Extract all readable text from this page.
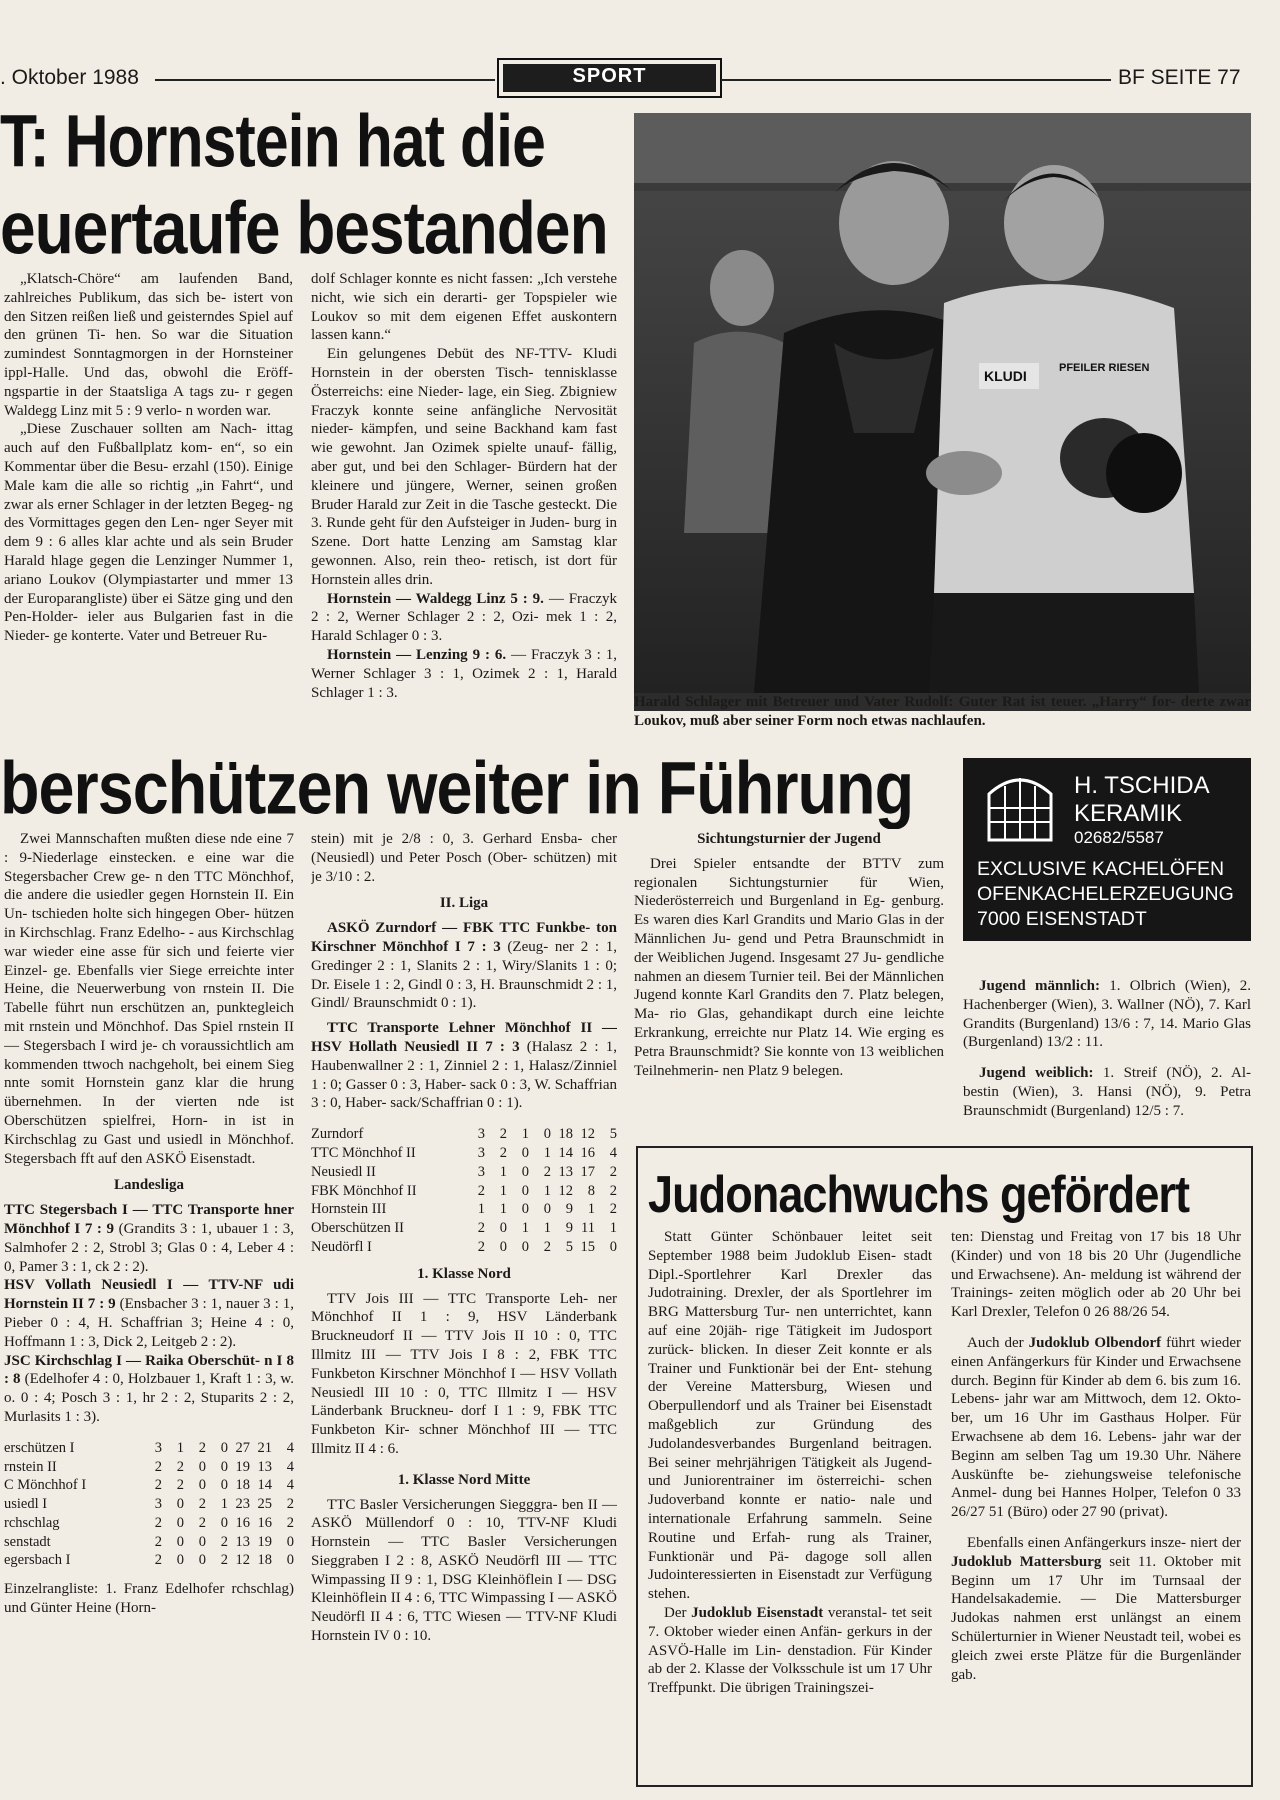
. Oktober 1988	SPORT	BF SEITE 77
T: Hornstein hat die
euertaufe bestanden

„Klatsch-Chöre“ am laufenden Band, zahlreiches Publikum, das sich be- istert von den Sitzen reißen ließ und geisterndes Spiel auf den grünen Ti- hen. So war die Situation zumindest Sonntagmorgen in der Hornsteiner ippl-Halle. Und das, obwohl die Eröff- ngspartie in der Staatsliga A tags zu- r gegen Waldegg Linz mit 5 : 9 verlo- n worden war.

„Diese Zuschauer sollten am Nach- ittag auch auf den Fußballplatz kom- en“, so ein Kommentar über die Besu- erzahl (150). Einige Male kam die alle so richtig „in Fahrt“, und zwar als erner Schlager in der letzten Begeg- ng des Vormittages gegen den Len- nger Seyer mit dem 9 : 6 alles klar achte und als sein Bruder Harald hlage gegen die Lenzinger Nummer 1, ariano Loukov (Olympiastarter und mmer 13 der Europarangliste) über ei Sätze ging und den Pen-Holder- ieler aus Bulgarien fast in die Nieder- ge konterte. Vater und Betreuer Ru-

dolf Schlager konnte es nicht fassen: „Ich verstehe nicht, wie sich ein derarti- ger Topspieler wie Loukov so mit dem eigenen Effet auskontern lassen kann.“

Ein gelungenes Debüt des NF-TTV- Kludi Hornstein in der obersten Tisch- tennisklasse Österreichs: eine Nieder- lage, ein Sieg. Zbigniew Fraczyk konnte seine anfängliche Nervosität nieder- kämpfen, und seine Backhand kam fast wie gewohnt. Jan Ozimek spielte unauf- fällig, aber gut, und bei den Schlager- Bürdern hat der kleinere und jüngere, Werner, seinen großen Bruder Harald zur Zeit in die Tasche gesteckt. Die 3. Runde geht für den Aufsteiger in Juden- burg in Szene. Dort hatte Lenzing am Samstag klar gewonnen. Also, rein theo- retisch, ist dort für Hornstein alles drin.

Hornstein — Waldegg Linz 5 : 9. — Fraczyk 2 : 2, Werner Schlager 2 : 2, Ozi- mek 1 : 2, Harald Schlager 0 : 3.

Hornstein — Lenzing 9 : 6. — Fraczyk 3 : 1, Werner Schlager 3 : 1, Ozimek 2 : 1, Harald Schlager 1 : 3.

KLUDI	PFEILER RIESEN
Harald Schlager mit Betreuer und Vater Rudolf: Guter Rat ist teuer. „Harry“ for- derte zwar Loukov, muß aber seiner Form noch etwas nachlaufen.
berschützen weiter in Führung	H. TSCHIDA
KERAMIK
02682/5587
EXCLUSIVE KACHELÖFEN
OFENKACHELERZEUGUNG
7000 EISENSTADT

Zwei Mannschaften mußten diese nde eine 7 : 9-Niederlage einstecken. e eine war die Stegersbacher Crew ge- n den TTC Mönchhof, die andere die usiedler gegen Hornstein II. Ein Un- tschieden holte sich hingegen Ober- hützen in Kirchschlag. Franz Edelho- - aus Kirchschlag war wieder eine asse für sich und feierte vier Einzel- ge. Ebenfalls vier Siege erreichte inter Heine, die Neuerwerbung von rnstein II. Die Tabelle führt nun erschützen an, punktegleich mit rnstein und Mönchhof. Das Spiel rnstein II — Stegersbach I wird je- ch voraussichtlich am kommenden ttwoch nachgeholt, bei einem Sieg nnte somit Hornstein ganz klar die hrung übernehmen. In der vierten nde ist Oberschützen spielfrei, Horn- in ist in Kirchschlag zu Gast und usiedl in Mönchhof. Stegersbach fft auf den ASKÖ Eisenstadt.

Landesliga

TTC Stegersbach I — TTC Transporte hner Mönchhof I 7 : 9 (Grandits 3 : 1, ubauer 1 : 3, Salmhofer 2 : 2, Strobl 3; Glas 0 : 4, Leber 4 : 0, Pamer 3 : 1, ck 2 : 2).

HSV Vollath Neusiedl I — TTV-NF udi Hornstein II 7 : 9 (Ensbacher 3 : 1, nauer 3 : 1, Pieber 0 : 4, H. Schaffrian 3; Heine 4 : 0, Hoffmann 1 : 3, Dick 2, Leitgeb 2 : 2).

JSC Kirchschlag I — Raika Oberschüt- n I 8 : 8 (Edelhofer 4 : 0, Holzbauer 1, Kraft 1 : 3, w. o. 0 : 4; Posch 3 : 1, hr 2 : 2, Stuparits 2 : 2, Murlasits 1 : 3).

erschützen I	3	1	2	0	27	21	4
rnstein II	2	2	0	0	19	13	4
C Mönchhof I	2	2	0	0	18	14	4
usiedl I	3	0	2	1	23	25	2
rchschlag	2	0	2	0	16	16	2
senstadt	2	0	0	2	13	19	0
egersbach I	2	0	0	2	12	18	0

Einzelrangliste: 1. Franz Edelhofer rchschlag) und Günter Heine (Horn-

stein) mit je 2/8 : 0, 3. Gerhard Ensba- cher (Neusiedl) und Peter Posch (Ober- schützen) mit je 3/10 : 2.

II. Liga

ASKÖ Zurndorf — FBK TTC Funkbe- ton Kirschner Mönchhof I 7 : 3 (Zeug- ner 2 : 1, Gredinger 2 : 1, Slanits 2 : 1, Wiry/Slanits 1 : 0; Dr. Eisele 1 : 2, Gindl 0 : 3, H. Braunschmidt 2 : 1, Gindl/ Braunschmidt 0 : 1).

TTC Transporte Lehner Mönchhof II — HSV Hollath Neusiedl II 7 : 3 (Halasz 2 : 1, Haubenwallner 2 : 1, Zinniel 2 : 1, Halasz/Zinniel 1 : 0; Gasser 0 : 3, Haber- sack 0 : 3, W. Schaffrian 3 : 0, Haber- sack/Schaffrian 0 : 1).

Zurndorf	3	2	1	0	18	12	5
TTC Mönchhof II	3	2	0	1	14	16	4
Neusiedl II	3	1	0	2	13	17	2
FBK Mönchhof II	2	1	0	1	12	8	2
Hornstein III	1	1	0	0	9	1	2
Oberschützen II	2	0	1	1	9	11	1
Neudörfl I	2	0	0	2	5	15	0

1. Klasse Nord

TTV Jois III — TTC Transporte Leh- ner Mönchhof II 1 : 9, HSV Länderbank Bruckneudorf II — TTV Jois II 10 : 0, TTC Illmitz III — TTV Jois I 8 : 2, FBK TTC Funkbeton Kirschner Mönchhof I — HSV Vollath Neusiedl III 10 : 0, TTC Illmitz I — HSV Länderbank Bruckneu- dorf I 1 : 9, FBK TTC Funkbeton Kir- schner Mönchhof III — TTC Illmitz II 4 : 6.

1. Klasse Nord Mitte

TTC Basler Versicherungen Siegggra- ben II — ASKÖ Müllendorf 0 : 10, TTV-NF Kludi Hornstein — TTC Basler Versicherungen Sieggraben I 2 : 8, ASKÖ Neudörfl III — TTC Wimpassing II 9 : 1, DSG Kleinhöflein I — DSG Kleinhöflein II 4 : 6, TTC Wimpassing I — ASKÖ Neudörfl II 4 : 6, TTC Wiesen — TTV-NF Kludi Hornstein IV 0 : 10.

Sichtungsturnier der Jugend

Drei Spieler entsandte der BTTV zum regionalen Sichtungsturnier für Wien, Niederösterreich und Burgenland in Eg- genburg. Es waren dies Karl Grandits und Mario Glas in der Männlichen Ju- gend und Petra Braunschmidt in der Weiblichen Jugend. Insgesamt 27 Ju- gendliche nahmen an diesem Turnier teil. Bei der Männlichen Jugend konnte Karl Grandits den 7. Platz belegen, Ma- rio Glas, gehandikapt durch eine leichte Erkrankung, erreichte nur Platz 14. Wie erging es Petra Braunschmidt? Sie konnte von 13 weiblichen Teilnehmerin- nen Platz 9 belegen.

Jugend männlich: 1. Olbrich (Wien), 2. Hachenberger (Wien), 3. Wallner (NÖ), 7. Karl Grandits (Burgenland) 13/6 : 7, 14. Mario Glas (Burgenland) 13/2 : 11.

Jugend weiblich: 1. Streif (NÖ), 2. Al- bestin (Wien), 3. Hansi (NÖ), 9. Petra Braunschmidt (Burgenland) 12/5 : 7.

Judonachwuchs gefördert

Statt Günter Schönbauer leitet seit September 1988 beim Judoklub Eisen- stadt Dipl.-Sportlehrer Karl Drexler das Judotraining. Drexler, der als Sportlehrer im BRG Mattersburg Tur- nen unterrichtet, kann auf eine 20jäh- rige Tätigkeit im Judosport zurück- blicken. In dieser Zeit konnte er als Trainer und Funktionär bei der Ent- stehung der Vereine Mattersburg, Wiesen und Oberpullendorf und als Trainer bei Eisenstadt maßgeblich zur Gründung des Judolandesverbandes Burgenland beitragen. Bei seiner mehrjährigen Tätigkeit als Jugend- und Juniorentrainer im österreichi- schen Judoverband konnte er natio- nale und internationale Erfahrung sammeln. Seine Routine und Erfah- rung als Trainer, Funktionär und Pä- dagoge soll allen Judointeressierten in Eisenstadt zur Verfügung stehen.

Der Judoklub Eisenstadt veranstal- tet seit 7. Oktober wieder einen Anfän- gerkurs in der ASVÖ-Halle im Lin- denstadion. Für Kinder ab der 2. Klasse der Volksschule ist um 17 Uhr Treffpunkt. Die übrigen Trainingszei-

ten: Dienstag und Freitag von 17 bis 18 Uhr (Kinder) und von 18 bis 20 Uhr (Jugendliche und Erwachsene). An- meldung ist während der Trainings- zeiten möglich oder ab 20 Uhr bei Karl Drexler, Telefon 0 26 88/26 54.

Auch der Judoklub Olbendorf führt wieder einen Anfängerkurs für Kinder und Erwachsene durch. Beginn für Kinder ab dem 6. bis zum 16. Lebens- jahr war am Mittwoch, dem 12. Okto- ber, um 16 Uhr im Gasthaus Holper. Für Erwachsene ab dem 16. Lebens- jahr war der Beginn am selben Tag um 19.30 Uhr. Nähere Auskünfte be- ziehungsweise telefonische Anmel- dung bei Hannes Holper, Telefon 0 33 26/27 51 (Büro) oder 27 90 (privat).

Ebenfalls einen Anfängerkurs insze- niert der Judoklub Mattersburg seit 11. Oktober mit Beginn um 17 Uhr im Turnsaal der Handelsakademie. — Die Mattersburger Judokas nahmen erst unlängst an einem Schülerturnier in Wiener Neustadt teil, wobei es gleich zwei erste Plätze für die Burgenländer gab.
